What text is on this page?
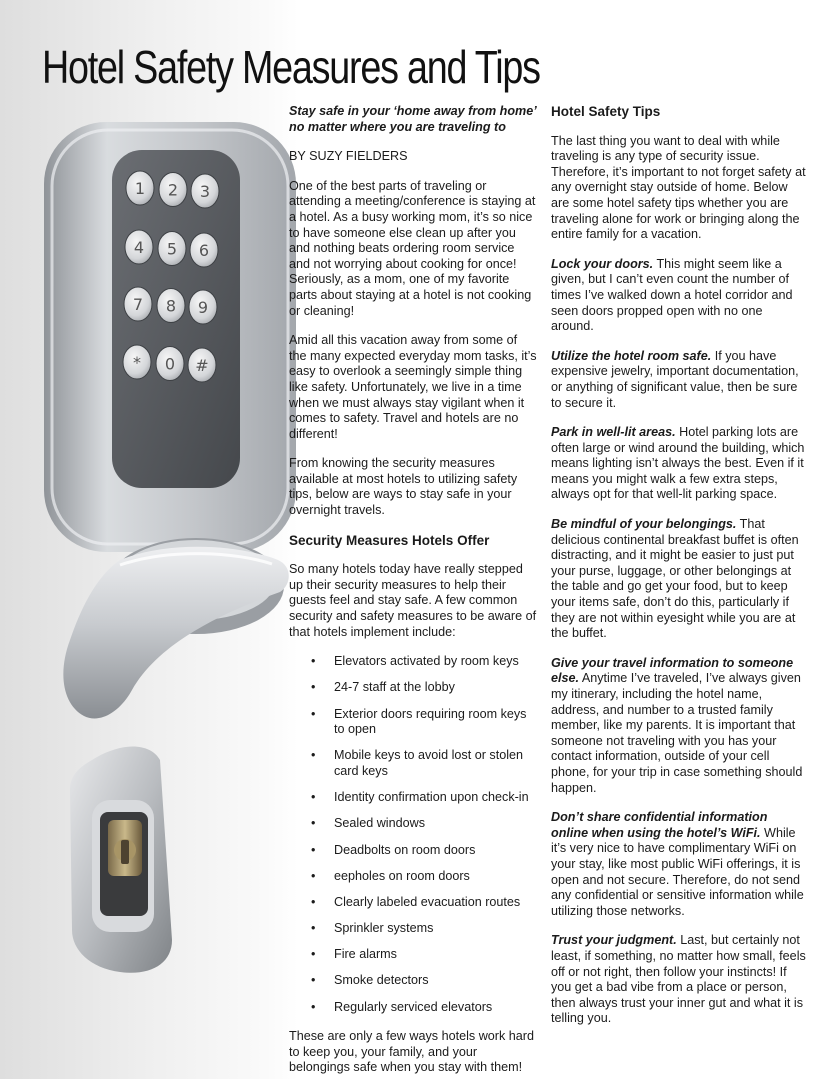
1 2 3
4 5 6
7 8 9
* 0 #
Hotel Safety Measures and Tips

Stay safe in your ‘home away from home’ no matter where you are traveling to

BY SUZY FIELDERS

One of the best parts of traveling or attending a meeting/conference is staying at a hotel. As a busy working mom, it’s so nice to have someone else clean up after you and nothing beats ordering room service and not worrying about cooking for once! Seriously, as a mom, one of my favorite parts about staying at a hotel is not cooking or cleaning!

Amid all this vacation away from some of the many expected everyday mom tasks, it’s easy to overlook a seemingly simple thing like safety. Unfortunately, we live in a time when we must always stay vigilant when it comes to safety. Travel and hotels are no different!

From knowing the security measures available at most hotels to utilizing safety tips, below are ways to stay safe in your overnight travels.

Security Measures Hotels Offer

So many hotels today have really stepped up their security measures to help their guests feel and stay safe. A few common security and safety measures to be aware of that hotels implement include:

• Elevators activated by room keys
• 24-7 staff at the lobby
• Exterior doors requiring room keys to open
• Mobile keys to avoid lost or stolen card keys
• Identity confirmation upon check-in
• Sealed windows
• Deadbolts on room doors
• eepholes on room doors
• Clearly labeled evacuation routes
• Sprinkler systems
• Fire alarms
• Smoke detectors
• Regularly serviced elevators

These are only a few ways hotels work hard to keep you, your family, and your belongings safe when you stay with them!

Hotel Safety Tips

The last thing you want to deal with while traveling is any type of security issue. Therefore, it’s important to not forget safety at any overnight stay outside of home. Below are some hotel safety tips whether you are traveling alone for work or bringing along the entire family for a vacation.

Lock your doors. This might seem like a given, but I can’t even count the number of times I’ve walked down a hotel corridor and seen doors propped open with no one around.

Utilize the hotel room safe. If you have expensive jewelry, important documentation, or anything of significant value, then be sure to secure it.

Park in well-lit areas. Hotel parking lots are often large or wind around the building, which means lighting isn’t always the best. Even if it means you might walk a few extra steps, always opt for that well-lit parking space.

Be mindful of your belongings. That delicious continental breakfast buffet is often distracting, and it might be easier to just put your purse, luggage, or other belongings at the table and go get your food, but to keep your items safe, don’t do this, particularly if they are not within eyesight while you are at the buffet.

Give your travel information to someone else. Anytime I’ve traveled, I’ve always given my itinerary, including the hotel name, address, and number to a trusted family member, like my parents. It is important that someone not traveling with you has your contact information, outside of your cell phone, for your trip in case something should happen.

Don’t share confidential information online when using the hotel’s WiFi. While it’s very nice to have complimentary WiFi on your stay, like most public WiFi offerings, it is open and not secure. Therefore, do not send any confidential or sensitive information while utilizing those networks.

Trust your judgment. Last, but certainly not least, if something, no matter how small, feels off or not right, then follow your instincts! If you get a bad vibe from a place or person, then always trust your inner gut and what it is telling you.
